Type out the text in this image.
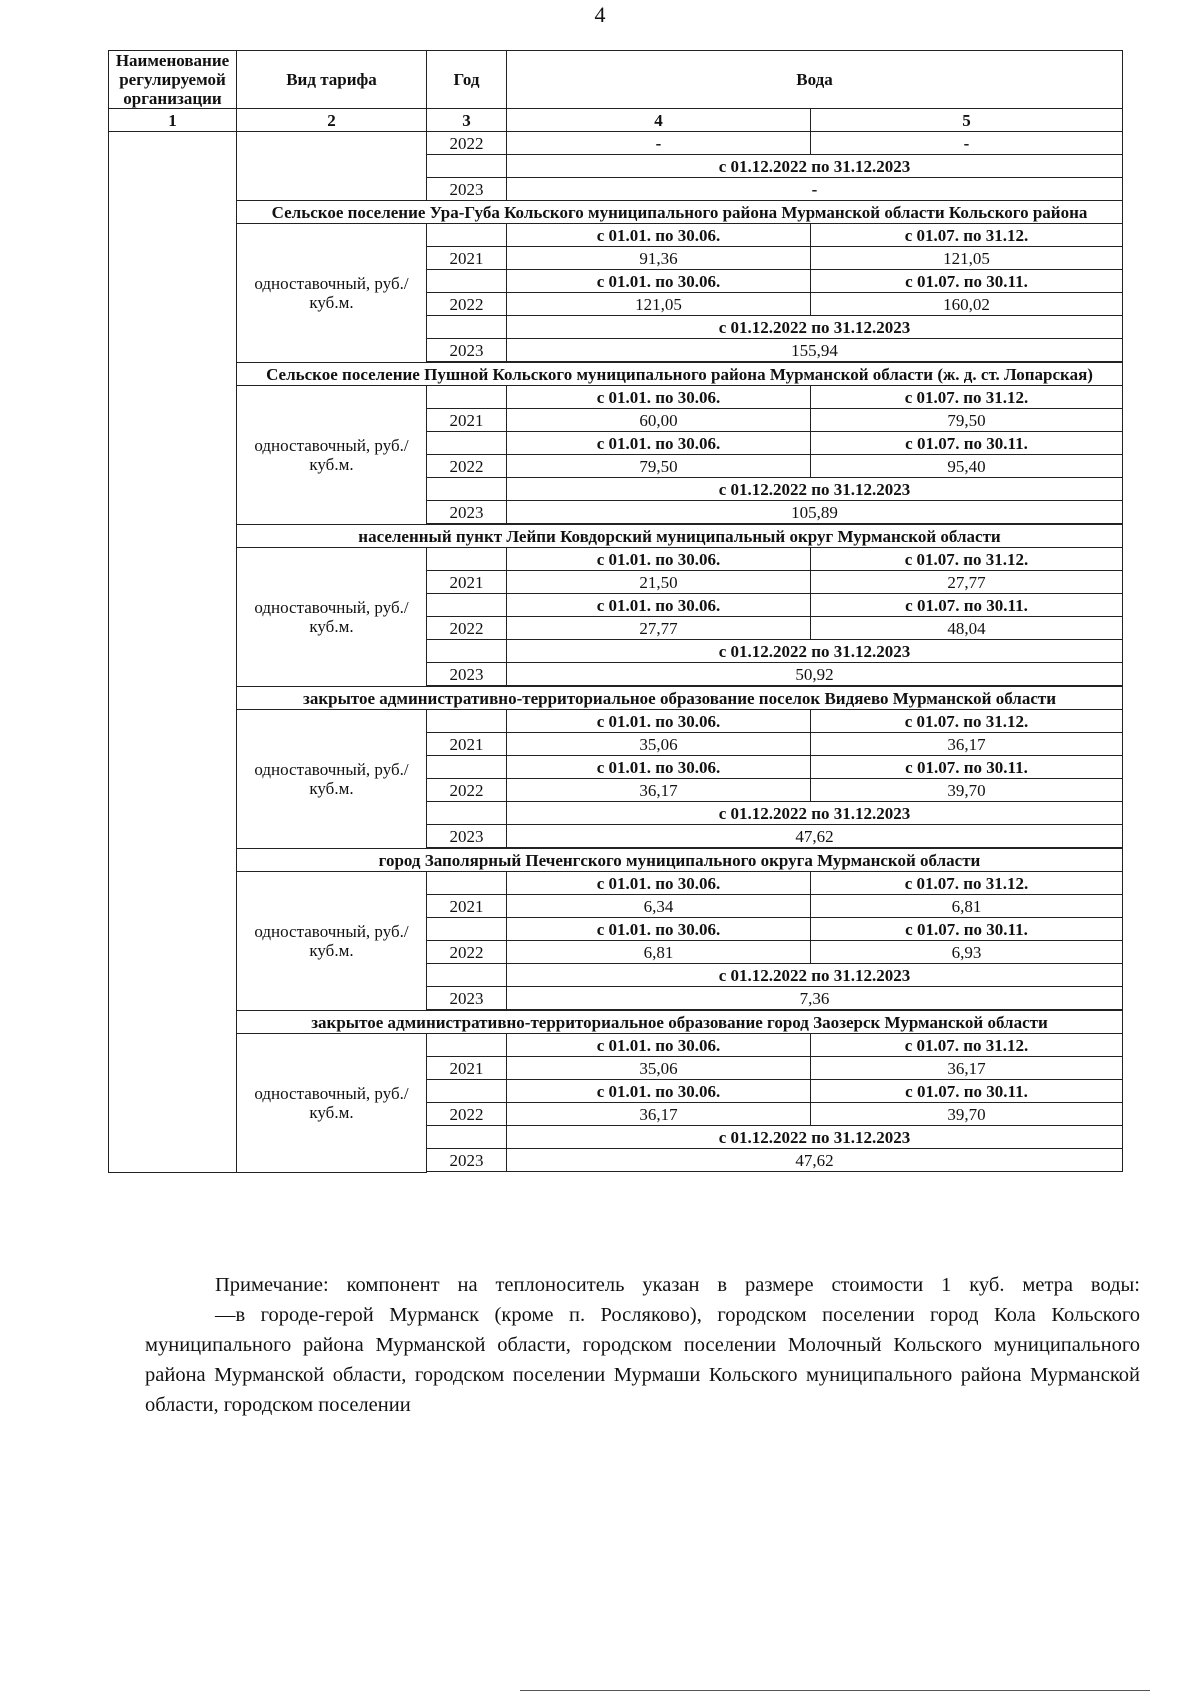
4
Наименование регулируемой организации	Вид тарифа	Год	Вода	
1	2	3	4	5
		2022	-	-
			с 01.12.2022 по 31.12.2023	
		2023	-	
	Сельское поселение Ура-Губа Кольского муниципального района Мурманской области Кольского района			
	одноставочный, руб./куб.м.		с 01.01. по 30.06.	с 01.07. по 31.12.
		2021	91,36	121,05
			с 01.01. по 30.06.	с 01.07. по 30.11.
		2022	121,05	160,02
			с 01.12.2022 по 31.12.2023	
		2023	155,94	

	Сельское поселение Пушной Кольского муниципального района Мурманской области (ж. д. ст. Лопарская)			
	одноставочный, руб./куб.м.		с 01.01. по 30.06.	с 01.07. по 31.12.
		2021	60,00	79,50
			с 01.01. по 30.06.	с 01.07. по 30.11.
		2022	79,50	95,40
			с 01.12.2022 по 31.12.2023	
		2023	105,89	

	населенный пункт Лейпи Ковдорский муниципальный округ Мурманской области			
	одноставочный, руб./куб.м.		с 01.01. по 30.06.	с 01.07. по 31.12.
		2021	21,50	27,77
			с 01.01. по 30.06.	с 01.07. по 30.11.
		2022	27,77	48,04
			с 01.12.2022 по 31.12.2023	
		2023	50,92	

	закрытое административно-территориальное образование поселок Видяево Мурманской области			
	одноставочный, руб./куб.м.		с 01.01. по 30.06.	с 01.07. по 31.12.
		2021	35,06	36,17
			с 01.01. по 30.06.	с 01.07. по 30.11.
		2022	36,17	39,70
			с 01.12.2022 по 31.12.2023	
		2023	47,62	

	город Заполярный Печенгского муниципального округа Мурманской области			
	одноставочный, руб./куб.м.		с 01.01. по 30.06.	с 01.07. по 31.12.
		2021	6,34	6,81
			с 01.01. по 30.06.	с 01.07. по 30.11.
		2022	6,81	6,93
			с 01.12.2022 по 31.12.2023	
		2023	7,36	

	закрытое административно-территориальное образование город Заозерск Мурманской области			
	одноставочный, руб./куб.м.		с 01.01. по 30.06.	с 01.07. по 31.12.
		2021	35,06	36,17
			с 01.01. по 30.06.	с 01.07. по 30.11.
		2022	36,17	39,70
			с 01.12.2022 по 31.12.2023	
		2023	47,62	

Примечание: компонент на теплоноситель указан в размере стоимости 1 куб. метра воды:

—в городе-герой Мурманск (кроме п. Росляково), городском поселении город Кола Кольского муниципального района Мурманской области, городском поселении Молочный Кольского муниципального района Мурманской области, городском поселении Мурмаши Кольского муниципального района Мурманской области, городском поселении
